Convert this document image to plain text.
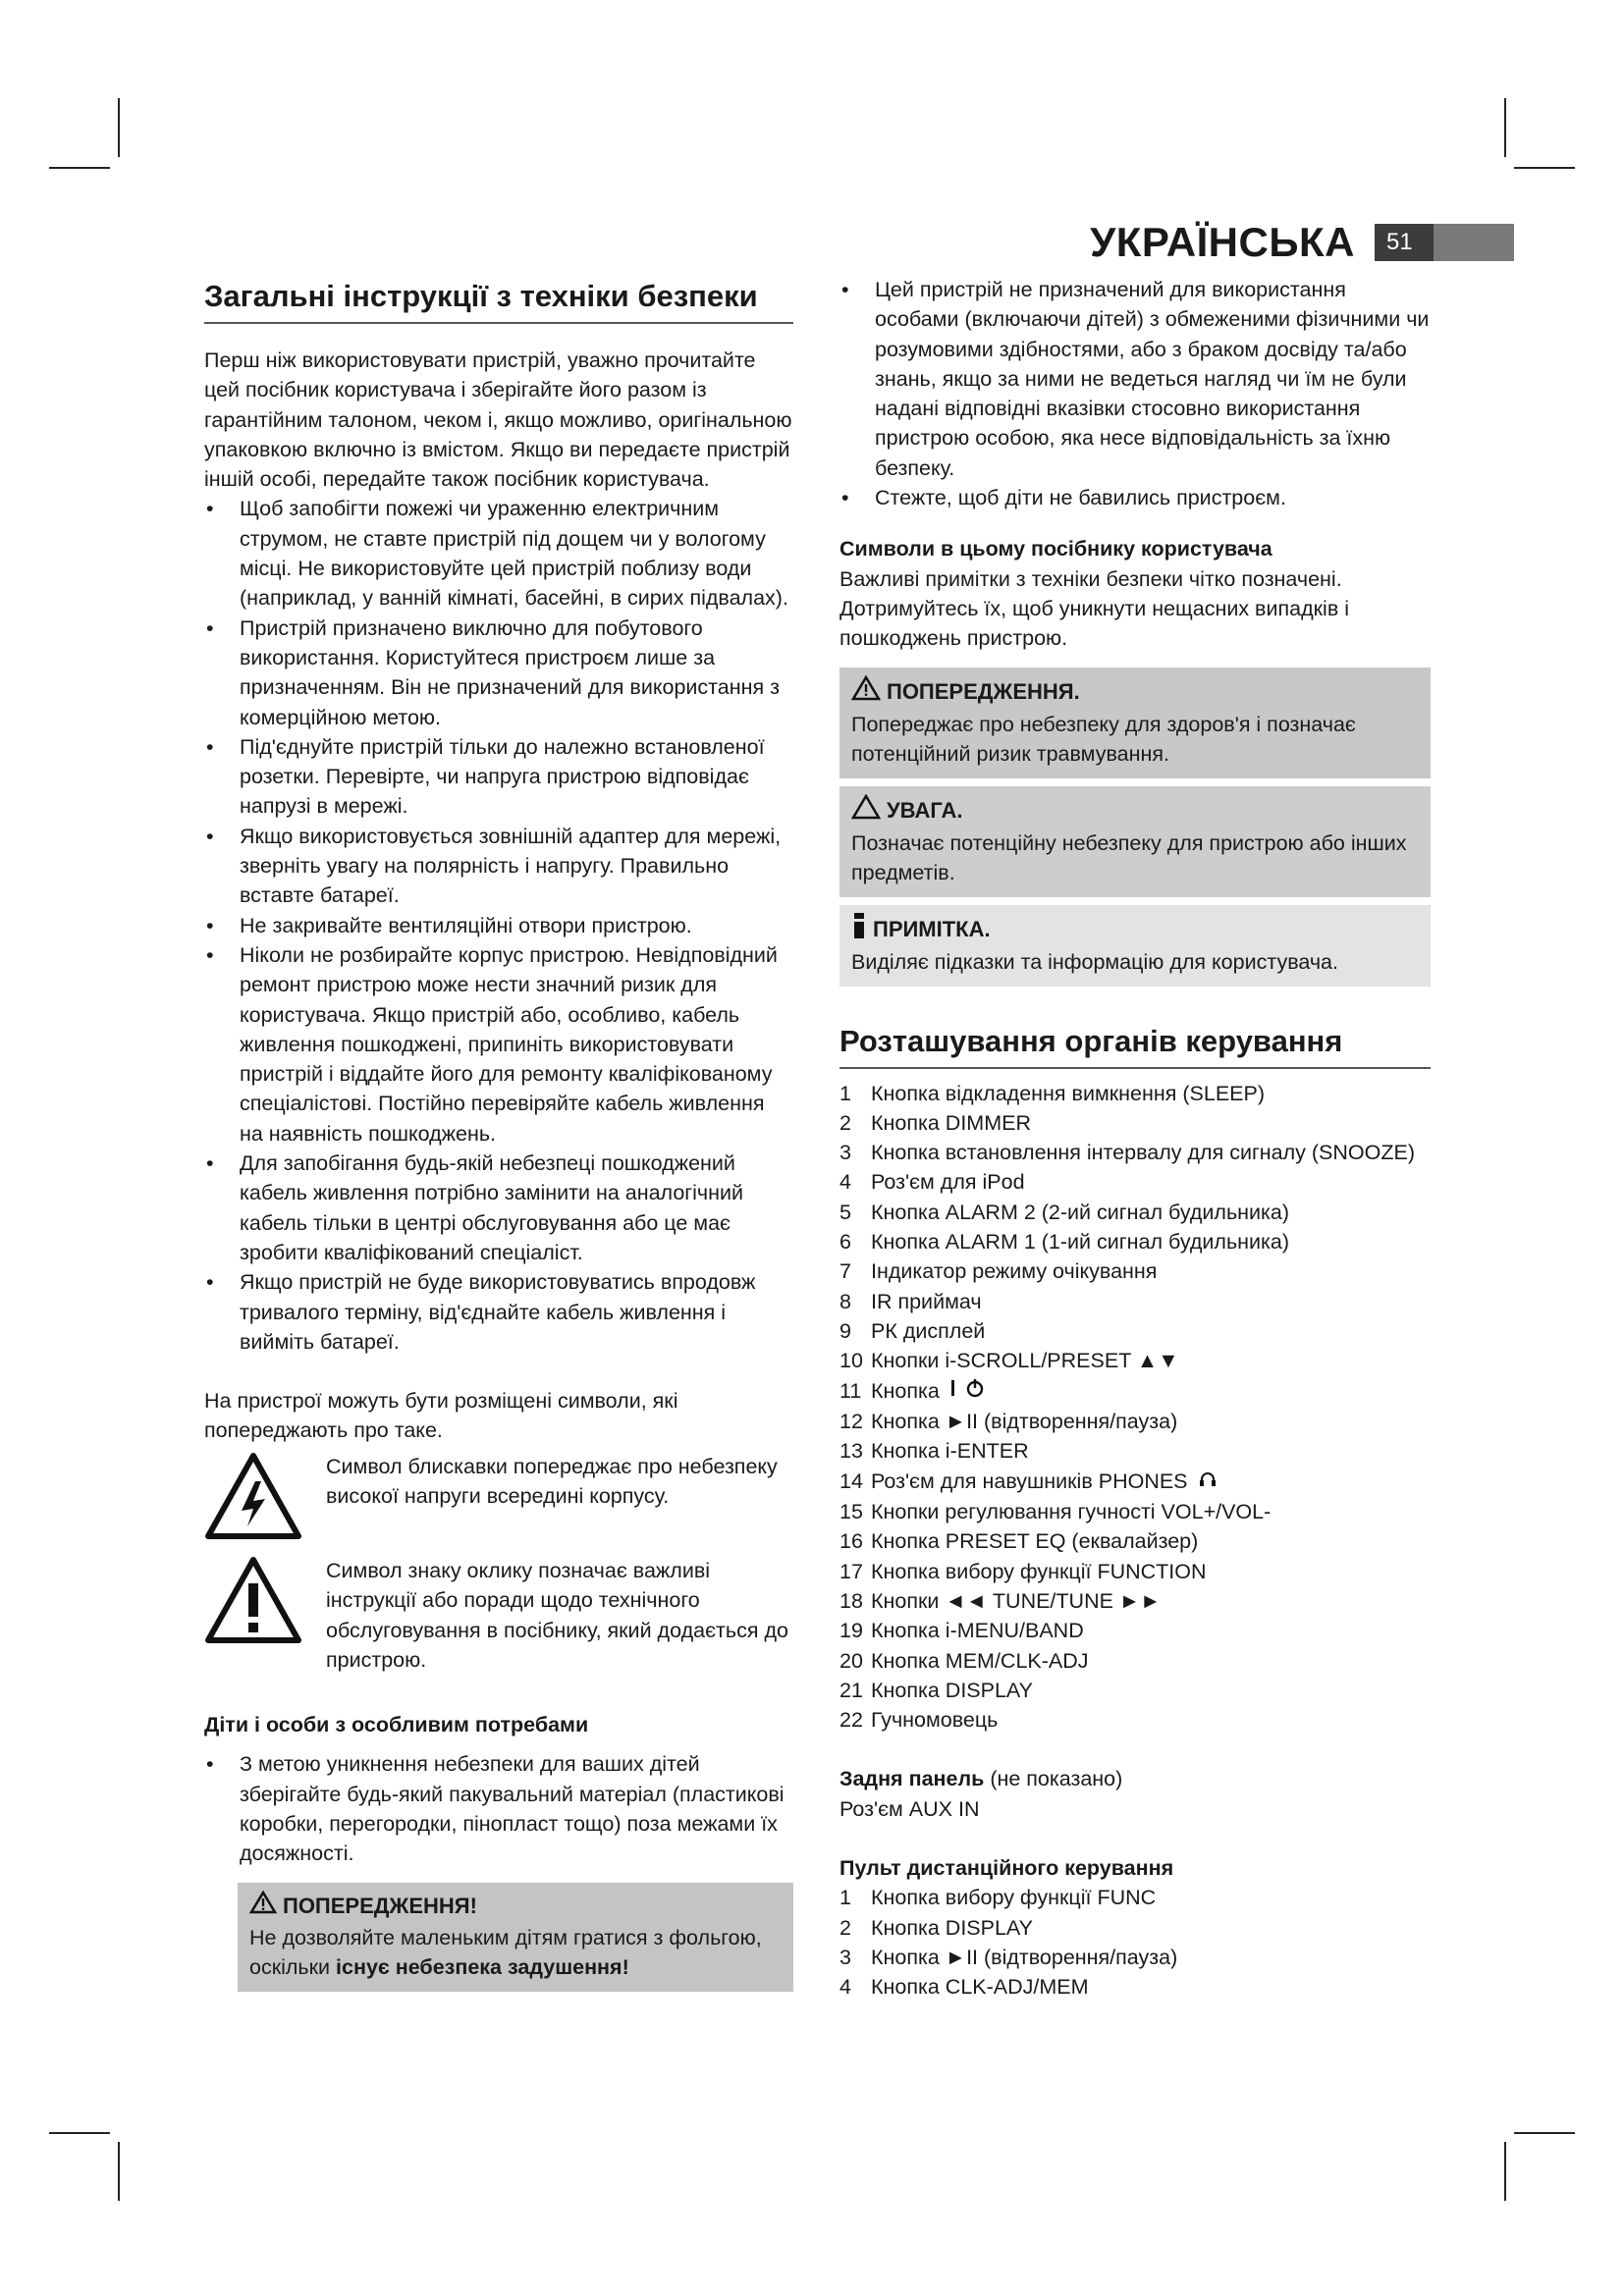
УКРАЇНСЬКА	51
Загальні інструкції з техніки безпеки

Перш ніж використовувати пристрій, уважно прочитайте цей посібник користувача і зберігайте його разом із гарантійним талоном, чеком і, якщо можливо, оригінальною упаковкою включно із вмістом. Якщо ви передаєте пристрій іншій особі, передайте також посібник користувача.

• Щоб запобігти пожежі чи ураженню електричним струмом, не ставте пристрій під дощем чи у вологому місці. Не використовуйте цей пристрій поблизу води (наприклад, у ванній кімнаті, басейні, в сирих підвалах).
• Пристрій призначено виключно для побутового використання. Користуйтеся пристроєм лише за призначенням. Він не призначений для використання з комерційною метою.
• Під'єднуйте пристрій тільки до належно встановленої розетки. Перевірте, чи напруга пристрою відповідає напрузі в мережі.
• Якщо використовується зовнішній адаптер для мережі, зверніть увагу на полярність і напругу. Правильно вставте батареї.
• Не закривайте вентиляційні отвори пристрою.
• Ніколи не розбирайте корпус пристрою. Невідповідний ремонт пристрою може нести значний ризик для користувача. Якщо пристрій або, особливо, кабель живлення пошкоджені, припиніть використовувати пристрій і віддайте його для ремонту кваліфікованому спеціалістові. Постійно перевіряйте кабель живлення на наявність пошкоджень.
• Для запобігання будь-якій небезпеці пошкоджений кабель живлення потрібно замінити на аналогічний кабель тільки в центрі обслуговування або це має зробити кваліфікований спеціаліст.
• Якщо пристрій не буде використовуватись впродовж тривалого терміну, від'єднайте кабель живлення і вийміть батареї.

На пристрої можуть бути розміщені символи, які попереджають про таке.

Символ блискавки попереджає про небезпеку високої напруги всередині корпусу.

Символ знаку оклику позначає важливі інструкції або поради щодо технічного обслуговування в посібнику, який додається до пристрою.

Діти і особи з особливим потребами
• З метою уникнення небезпеки для ваших дітей зберігайте будь-який пакувальний матеріал (пластикові коробки, перегородки, пінопласт тощо) поза межами їх досяжності.
ПОПЕРЕДЖЕННЯ!
Не дозволяйте маленьким дітям гратися з фольгою, оскільки існує небезпека задушення!
• Цей пристрій не призначений для використання особами (включаючи дітей) з обмеженими фізичними чи розумовими здібностями, або з браком досвіду та/або знань, якщо за ними не ведеться нагляд чи їм не були надані відповідні вказівки стосовно використання пристрою особою, яка несе відповідальність за їхню безпеку.
• Стежте, щоб діти не бавились пристроєм.
Символи в цьому посібнику користувача

Важливі примітки з техніки безпеки чітко позначені. Дотримуйтесь їх, щоб уникнути нещасних випадків і пошкоджень пристрою.

ПОПЕРЕДЖЕННЯ.
Попереджає про небезпеку для здоров'я і позначає потенційний ризик травмування.
УВАГА.
Позначає потенційну небезпеку для пристрою або інших предметів.
ПРИМІТКА.
Виділяє підказки та інформацію для користувача.
Розташування органів керування
1 Кнопка відкладення вимкнення (SLEEP)
2 Кнопка DIMMER
3 Кнопка встановлення інтервалу для сигналу (SNOOZE)
4 Роз'єм для iPod
5 Кнопка ALARM 2 (2-ий сигнал будильника)
6 Кнопка ALARM 1 (1-ий сигнал будильника)
7 Індикатор режиму очікування
8 IR приймач
9 РК дисплей
10 Кнопки i-SCROLL/PRESET ▲▼
11 Кнопка
12 Кнопка ►II (відтворення/пауза)
13 Кнопка i-ENTER
14 Роз'єм для навушників PHONES
15 Кнопки регулювання гучності VOL+/VOL-
16 Кнопка PRESET EQ (еквалайзер)
17 Кнопка вибору функції FUNCTION
18 Кнопки ◄◄ TUNE/TUNE ►►
19 Кнопка i-MENU/BAND
20 Кнопка MEM/CLK-ADJ
21 Кнопка DISPLAY
22 Гучномовець

Задня панель (не показано)

Роз'єм AUX IN

Пульт дистанційного керування
1 Кнопка вибору функції FUNC
2 Кнопка DISPLAY
3 Кнопка ►II (відтворення/пауза)
4 Кнопка CLK-ADJ/MEM
